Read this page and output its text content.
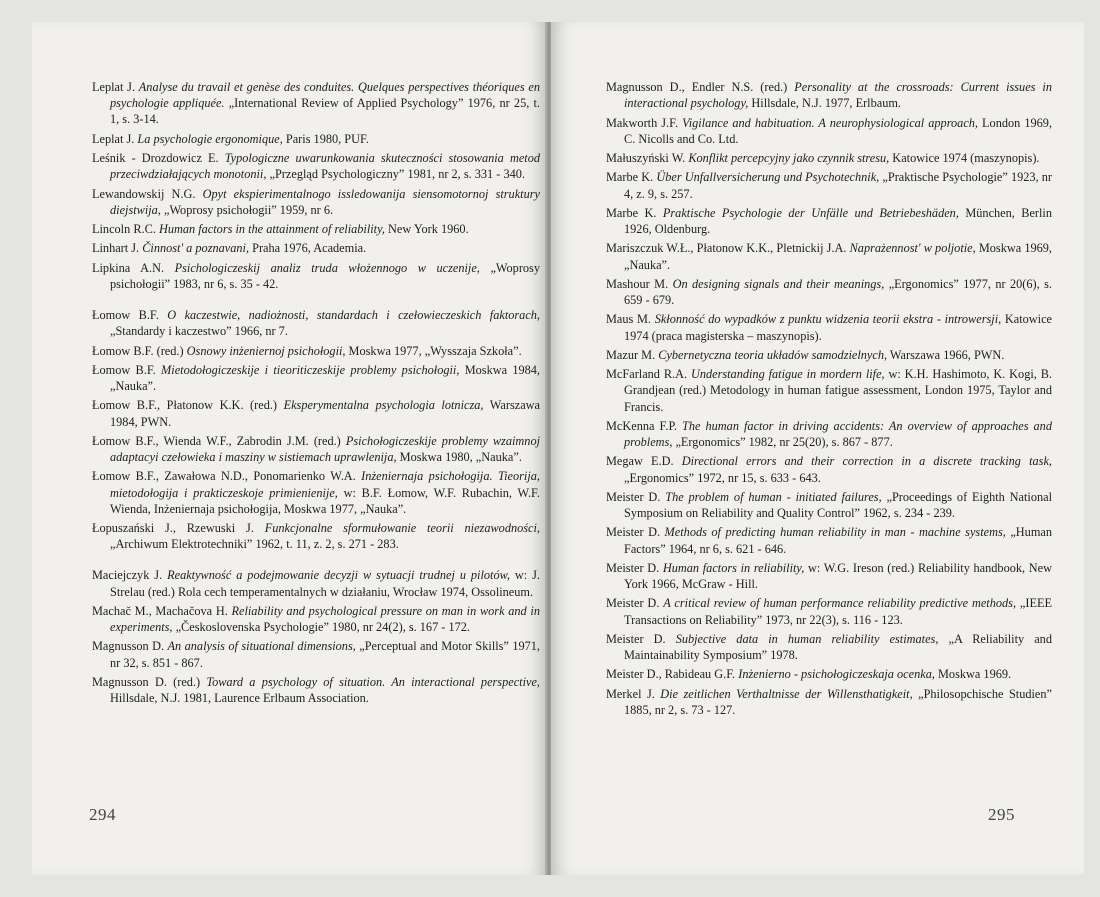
Leplat J. Analyse du travail et genèse des conduites. Quelques perspectives théoriques en psychologie appliquée. „International Review of Applied Psychology” 1976, nr 25, t. 1, s. 3-14.

Leplat J. La psychologie ergonomique, Paris 1980, PUF.

Leśnik - Drozdowicz E. Typologiczne uwarunkowania skuteczności stosowania metod przeciwdziałających monotonii, „Przegląd Psychologiczny” 1981, nr 2, s. 331 - 340.

Lewandowskij N.G. Opyt ekspierimentalnogo issledowanija siensomotornoj struktury diejstwija, „Woprosy psichołogii” 1959, nr 6.

Lincoln R.C. Human factors in the attainment of reliability, New York 1960.

Linhart J. Činnost' a poznavani, Praha 1976, Academia.

Lipkina A.N. Psichologiczeskij analiz truda włożennogo w uczenije, „Woprosy psichołogii” 1983, nr 6, s. 35 - 42.

Łomow B.F. O kaczestwie, nadiożnosti, standardach i czełowieczeskich faktorach, „Standardy i kaczestwo” 1966, nr 7.

Łomow B.F. (red.) Osnowy inżeniernoj psichołogii, Moskwa 1977, „Wysszaja Szkoła”.

Łomow B.F. Mietodołogiczeskije i tieoriticzeskije problemy psichołogii, Moskwa 1984, „Nauka”.

Łomow B.F., Płatonow K.K. (red.) Eksperymentalna psychologia lotnicza, Warszawa 1984, PWN.

Łomow B.F., Wienda W.F., Zabrodin J.M. (red.) Psichołogiczeskije problemy wzaimnoj adaptacyi czełowieka i masziny w sistiemach uprawlenija, Moskwa 1980, „Nauka”.

Łomow B.F., Zawałowa N.D., Ponomarienko W.A. Inżeniernaja psichołogija. Tieorija, mietodołogija i prakticzeskoje primienienije, w: B.F. Łomow, W.F. Rubachin, W.F. Wienda, Inżeniernaja psichołogija, Moskwa 1977, „Nauka”.

Łopuszański J., Rzewuski J. Funkcjonalne sformułowanie teorii niezawodności, „Archiwum Elektrotechniki” 1962, t. 11, z. 2, s. 271 - 283.

Maciejczyk J. Reaktywność a podejmowanie decyzji w sytuacji trudnej u pilotów, w: J. Strelau (red.) Rola cech temperamentalnych w działaniu, Wrocław 1974, Ossolineum.

Machač M., Machačova H. Reliability and psychological pressure on man in work and in experiments, „Československa Psychologie” 1980, nr 24(2), s. 167 - 172.

Magnusson D. An analysis of situational dimensions, „Perceptual and Motor Skills” 1971, nr 32, s. 851 - 867.

Magnusson D. (red.) Toward a psychology of situation. An interactional perspective, Hillsdale, N.J. 1981, Laurence Erlbaum Association.

294

Magnusson D., Endler N.S. (red.) Personality at the crossroads: Current issues in interactional psychology, Hillsdale, N.J. 1977, Erlbaum.

Makworth J.F. Vigilance and habituation. A neurophysiological approach, London 1969, C. Nicolls and Co. Ltd.

Małuszyński W. Konflikt percepcyjny jako czynnik stresu, Katowice 1974 (maszynopis).

Marbe K. Über Unfallversicherung und Psychotechnik, „Praktische Psychologie” 1923, nr 4, z. 9, s. 257.

Marbe K. Praktische Psychologie der Unfälle und Betriebeshäden, München, Berlin 1926, Oldenburg.

Mariszczuk W.Ł., Płatonow K.K., Pletnickij J.A. Naprażennost' w poljotie, Moskwa 1969, „Nauka”.

Mashour M. On designing signals and their meanings, „Ergonomics” 1977, nr 20(6), s. 659 - 679.

Maus M. Skłonność do wypadków z punktu widzenia teorii ekstra - introwersji, Katowice 1974 (praca magisterska – maszynopis).

Mazur M. Cybernetyczna teoria układów samodzielnych, Warszawa 1966, PWN.

McFarland R.A. Understanding fatigue in mordern life, w: K.H. Hashimoto, K. Kogi, B. Grandjean (red.) Metodology in human fatigue assessment, London 1975, Taylor and Francis.

McKenna F.P. The human factor in driving accidents: An overview of approaches and problems, „Ergonomics” 1982, nr 25(20), s. 867 - 877.

Megaw E.D. Directional errors and their correction in a discrete tracking task, „Ergonomics” 1972, nr 15, s. 633 - 643.

Meister D. The problem of human - initiated failures, „Proceedings of Eighth National Symposium on Reliability and Quality Control” 1962, s. 234 - 239.

Meister D. Methods of predicting human reliability in man - machine systems, „Human Factors” 1964, nr 6, s. 621 - 646.

Meister D. Human factors in reliability, w: W.G. Ireson (red.) Reliability handbook, New York 1966, McGraw - Hill.

Meister D. A critical review of human performance reliability predictive methods, „IEEE Transactions on Reliability” 1973, nr 22(3), s. 116 - 123.

Meister D. Subjective data in human reliability estimates, „A Reliability and Maintainability Symposium” 1978.

Meister D., Rabideau G.F. Inżenierno - psichołogiczeskaja ocenka, Moskwa 1969.

Merkel J. Die zeitlichen Verthaltnisse der Willensthatigkeit, „Philosopchische Studien” 1885, nr 2, s. 73 - 127.

295
